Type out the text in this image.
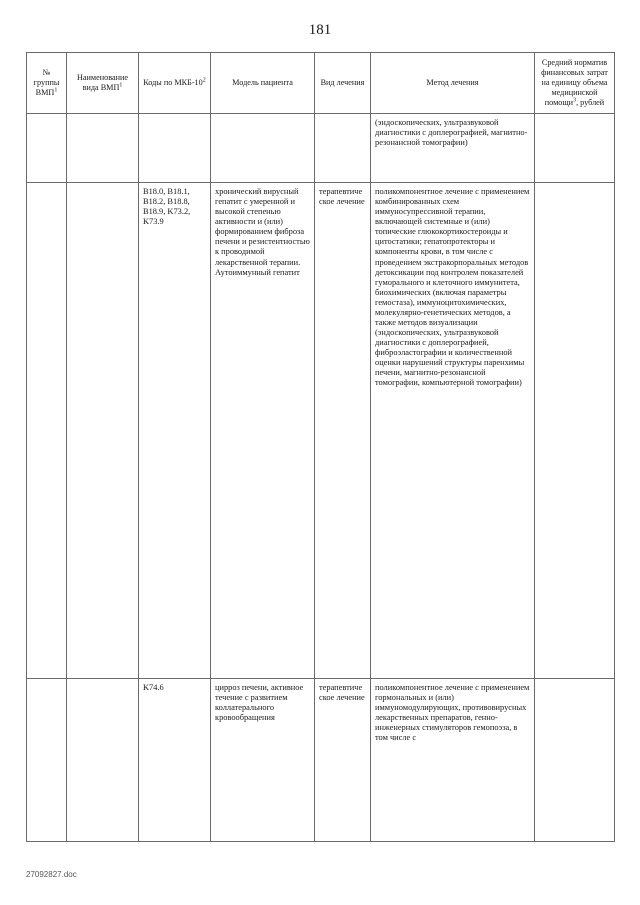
181
№ группы ВМП$^1$	Наименование вида ВМП$^1$	Коды по МКБ-$10^2$	Модель пациента	Вид лечения	Метод лечения	Средний норматив финансовых затрат на единицу объема медицинской помощи$^3$, рублей
					(эндоскопических, ультразвуковой диагностики с доплерографией, магнитно-резонансной томографии)	
		B18.0, B18.1, B18.2, B18.8, B18.9, K73.2, K73.9	хронический вирусный гепатит с умеренной и высокой степенью активности и (или) формированием фиброза печени и резистентностью к проводимой лекарственной терапии. Аутоиммунный гепатит	терапевтическое лечение	поликомпонентное лечение с применением комбинированных схем иммуносупрессивной терапии, включающей системные и (или) топические глюкокортикостероиды и цитостатики; гепатопротекторы и компоненты крови, в том числе с проведением экстракорпоральных методов детоксикации под контролем показателей гуморального и клеточного иммунитета, биохимических (включая параметры гемостаза), иммуноцитохимических, молекулярно-генетических методов, а также методов визуализации (эндоскопических, ультразвуковой диагностики с доплерографией, фиброэластографии и количественной оценки нарушений структуры паренхимы печени, магнитно-резонансной томографии, компьютерной томографии)	
		K74.6	цирроз печени, активное течение с развитием коллатерального кровообращения	терапевтическое лечение	поликомпонентное лечение с применением гормональных и (или) иммуномодулирующих, противовирусных лекарственных препаратов, генно-инженерных стимуляторов гемопоэза, в том числе с	
27092827.doc
